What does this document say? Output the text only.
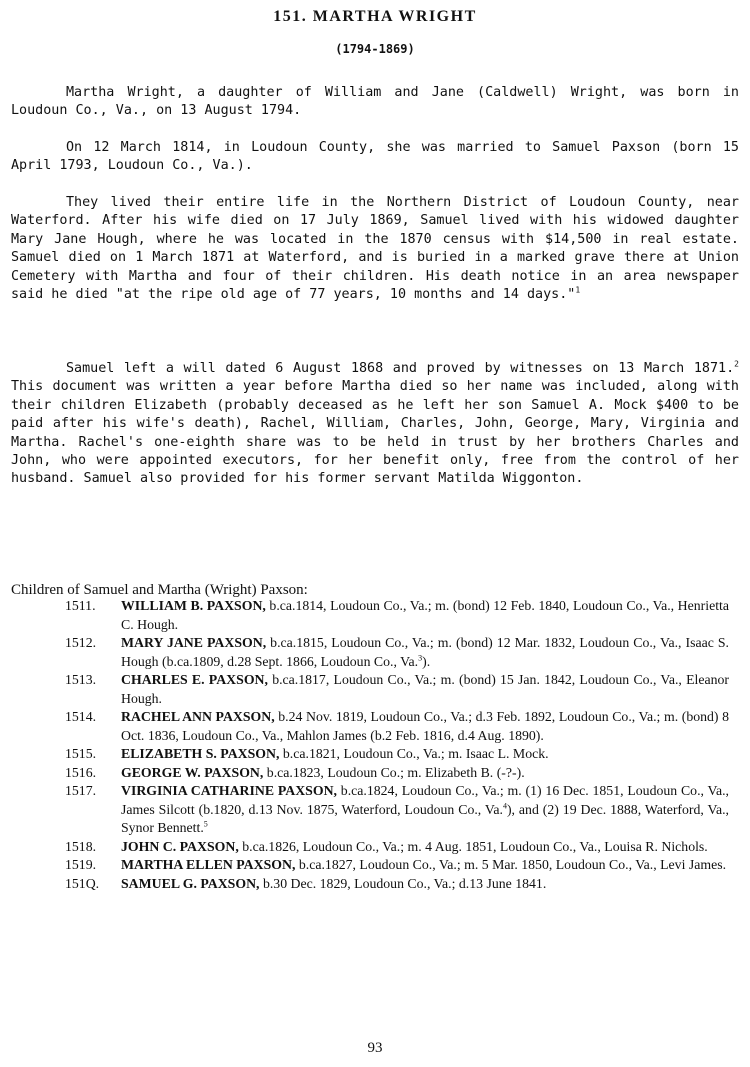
151. MARTHA WRIGHT

(1794-1869)

Martha Wright, a daughter of William and Jane (Caldwell) Wright, was born in Loudoun Co., Va., on 13 August 1794.

On 12 March 1814, in Loudoun County, she was married to Samuel Paxson (born 15 April 1793, Loudoun Co., Va.).

They lived their entire life in the Northern District of Loudoun County, near Waterford. After his wife died on 17 July 1869, Samuel lived with his widowed daughter Mary Jane Hough, where he was located in the 1870 census with $14,500 in real estate. Samuel died on 1 March 1871 at Waterford, and is buried in a marked grave there at Union Cemetery with Martha and four of their children. His death notice in an area newspaper said he died "at the ripe old age of 77 years, 10 months and 14 days."$^1$

Samuel left a will dated 6 August 1868 and proved by witnesses on 13 March 1871.$^2$ This document was written a year before Martha died so her name was included, along with their children Elizabeth (probably deceased as he left her son Samuel A. Mock $400 to be paid after his wife's death), Rachel, William, Charles, John, George, Mary, Virginia and Martha. Rachel's one-eighth share was to be held in trust by her brothers Charles and John, who were appointed executors, for her benefit only, free from the control of her husband. Samuel also provided for his former servant Matilda Wiggonton.

Children of Samuel and Martha (Wright) Paxson:

1511. WILLIAM B. PAXSON, b.ca.1814, Loudoun Co., Va.; m. (bond) 12 Feb. 1840, Loudoun Co., Va., Henrietta C. Hough.
1512. MARY JANE PAXSON, b.ca.1815, Loudoun Co., Va.; m. (bond) 12 Mar. 1832, Loudoun Co., Va., Isaac S. Hough (b.ca.1809, d.28 Sept. 1866, Loudoun Co., Va.$^3$).
1513. CHARLES E. PAXSON, b.ca.1817, Loudoun Co., Va.; m. (bond) 15 Jan. 1842, Loudoun Co., Va., Eleanor Hough.
1514. RACHEL ANN PAXSON, b.24 Nov. 1819, Loudoun Co., Va.; d.3 Feb. 1892, Loudoun Co., Va.; m. (bond) 8 Oct. 1836, Loudoun Co., Va., Mahlon James (b.2 Feb. 1816, d.4 Aug. 1890).
1515. ELIZABETH S. PAXSON, b.ca.1821, Loudoun Co., Va.; m. Isaac L. Mock.
1516. GEORGE W. PAXSON, b.ca.1823, Loudoun Co.; m. Elizabeth B. (-?-).
1517. VIRGINIA CATHARINE PAXSON, b.ca.1824, Loudoun Co., Va.; m. (1) 16 Dec. 1851, Loudoun Co., Va., James Silcott (b.1820, d.13 Nov. 1875, Waterford, Loudoun Co., Va.$^4$), and (2) 19 Dec. 1888, Waterford, Va., Synor Bennett.$^5$
1518. JOHN C. PAXSON, b.ca.1826, Loudoun Co., Va.; m. 4 Aug. 1851, Loudoun Co., Va., Louisa R. Nichols.
1519. MARTHA ELLEN PAXSON, b.ca.1827, Loudoun Co., Va.; m. 5 Mar. 1850, Loudoun Co., Va., Levi James.
151Q. SAMUEL G. PAXSON, b.30 Dec. 1829, Loudoun Co., Va.; d.13 June 1841.

93
